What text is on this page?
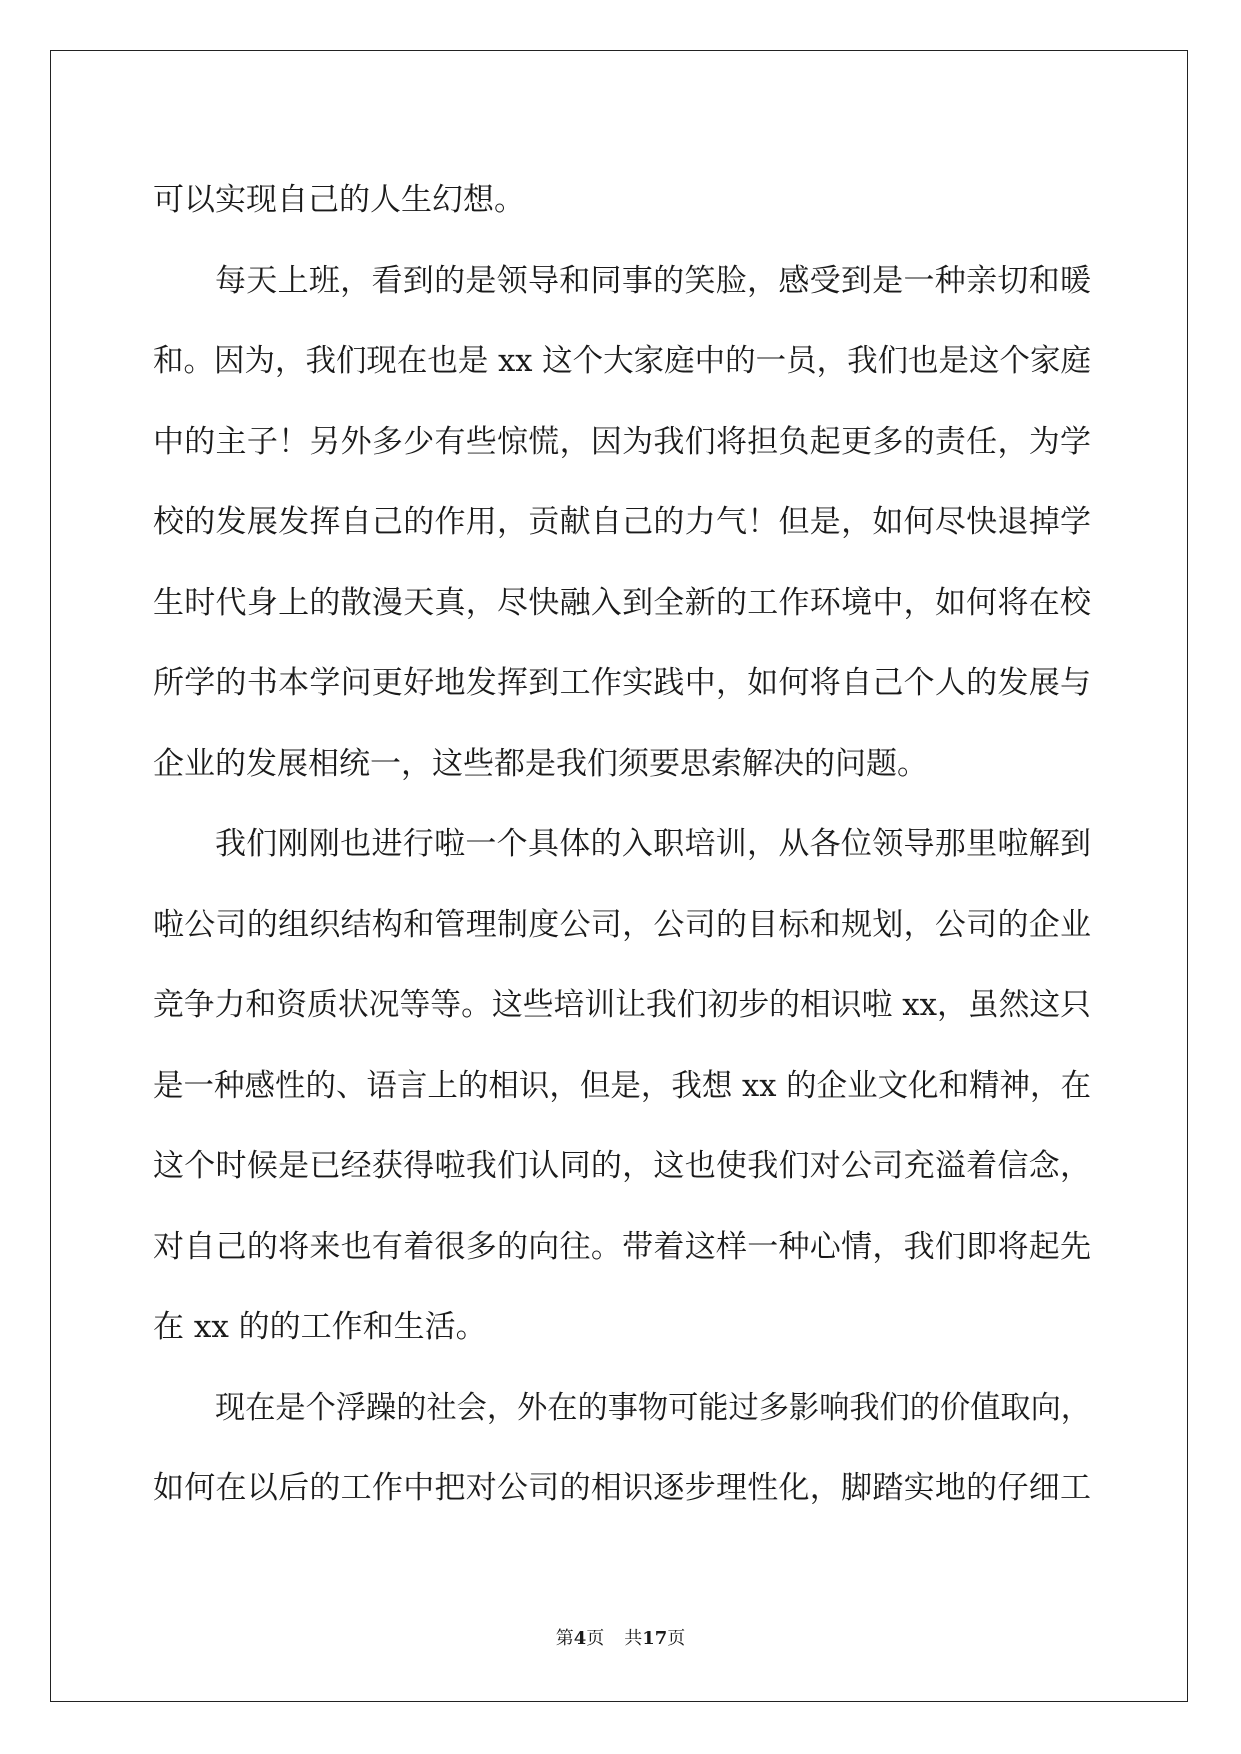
可以实现自己的人生幻想。
每天上班，看到的是领导和同事的笑脸，感受到是一种亲切和暖
和。因为，我们现在也是 xx 这个大家庭中的一员，我们也是这个家庭
中的主子！另外多少有些惊慌，因为我们将担负起更多的责任，为学
校的发展发挥自己的作用，贡献自己的力气！但是，如何尽快退掉学
生时代身上的散漫天真，尽快融入到全新的工作环境中，如何将在校
所学的书本学问更好地发挥到工作实践中，如何将自己个人的发展与
企业的发展相统一，这些都是我们须要思索解决的问题。
我们刚刚也进行啦一个具体的入职培训，从各位领导那里啦解到
啦公司的组织结构和管理制度公司，公司的目标和规划，公司的企业
竞争力和资质状况等等。这些培训让我们初步的相识啦 xx，虽然这只
是一种感性的、语言上的相识，但是，我想 xx 的企业文化和精神，在
这个时候是已经获得啦我们认同的，这也使我们对公司充溢着信念，
对自己的将来也有着很多的向往。带着这样一种心情，我们即将起先
在 xx 的的工作和生活。
现在是个浮躁的社会，外在的事物可能过多影响我们的价值取向，
如何在以后的工作中把对公司的相识逐步理性化，脚踏实地的仔细工
第4页 共17页
